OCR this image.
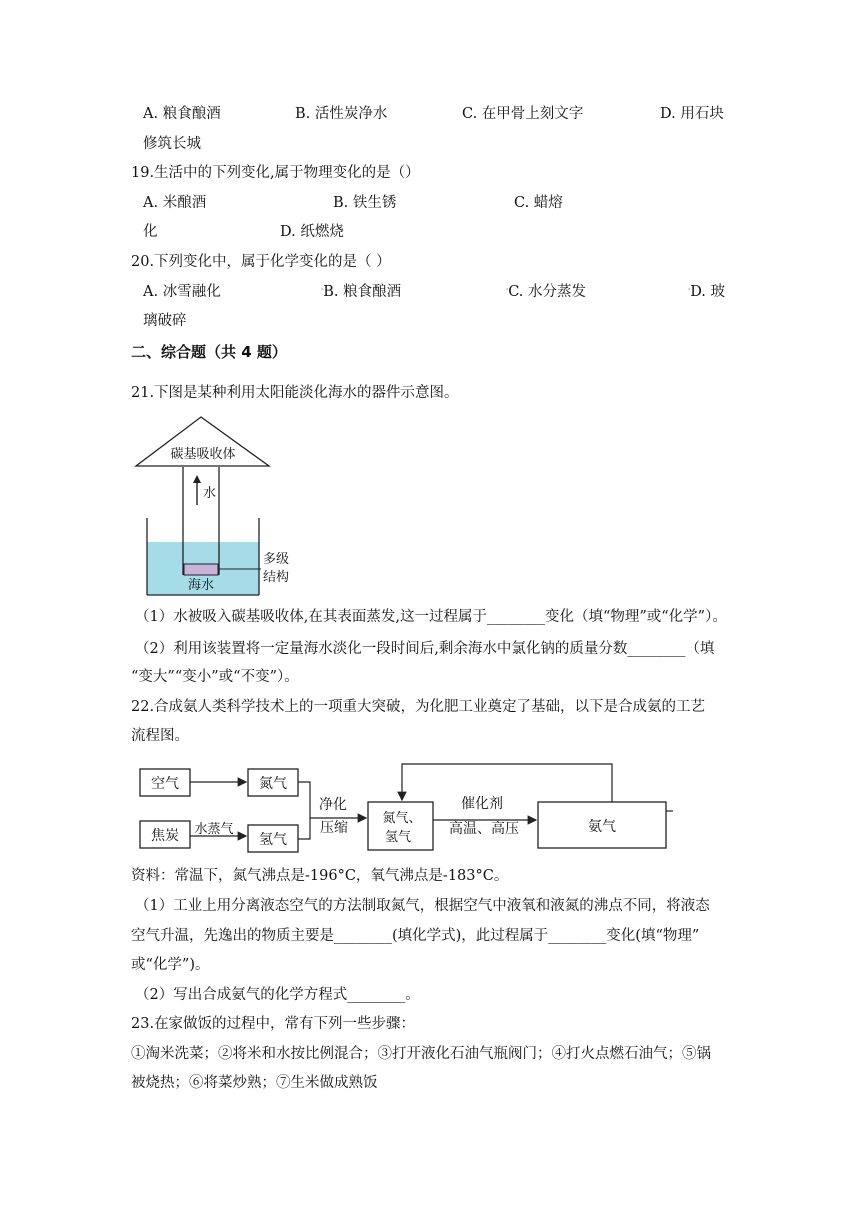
A. 粮食酿酒	B. 活性炭净水	C. 在甲骨上刻文字	D. 用石块
修筑长城
19.生活中的下列变化,属于物理变化的是（）
A. 米酿酒	B. 铁生锈	C. 蜡熔
化	D. 纸燃烧
20.下列变化中，属于化学变化的是（ ）
A. 冰雪融化	'B. 粮食酿酒	'C. 水分蒸发	'D. 玻
璃破碎
二、综合题（共 4 题）
21.下图是某种利用太阳能淡化海水的器件示意图。
碳基吸收体
水
海水
多级
结构
（1）水被吸入碳基吸收体,在其表面蒸发,这一过程属于________变化（填“物理”或“化学”）。
（2）利用该装置将一定量海水淡化一段时间后,剩余海水中氯化钠的质量分数________（填
“变大”“变小”或“不变”）。
22.合成氨人类科学技术上的一项重大突破，为化肥工业奠定了基础，以下是合成氨的工艺
流程图。
空气	氮气
焦炭 水蒸气
氢气
净化
压缩
氮气、
氢气
催化剂
高温、高压	氨气
资料：常温下，氮气沸点是-196°C，氧气沸点是-183°C。
（1）工业上用分离液态空气的方法制取氮气，根据空气中液氧和液氮的沸点不同，将液态
空气升温，先逸出的物质主要是________(填化学式)，此过程属于________变化(填“物理”
或“化学”)。
（2）写出合成氨气的化学方程式________。
23.在家做饭的过程中，常有下列一些步骤：
①淘米洗菜；②将米和水按比例混合；③打开液化石油气瓶阀门；④打火点燃石油气；⑤锅
被烧热；⑥将菜炒熟；⑦生米做成熟饭
